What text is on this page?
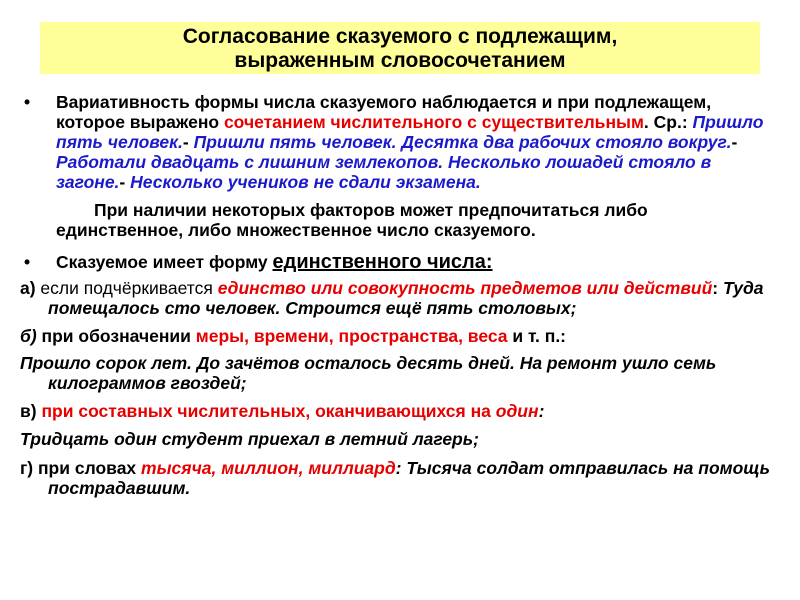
Согласование сказуемого с подлежащим,
выраженным словосочетанием

• Вариативность формы числа сказуемого наблюдается и при подлежащем, которое выражено сочетанием числительного с существительным. Ср.: Пришло пять человек.- Пришли пять человек. Десятка два рабочих стояло вокруг.- Работали двадцать с лишним землекопов. Несколько лошадей стояло в загоне.- Несколько учеников не сдали экзамена.

При наличии некоторых факторов может предпочитаться либо единственное, либо множественное число сказуемого.

• Сказуемое имеет форму единственного числа:

а) если подчёркивается единство или совокупность предметов или действий: Туда помещалось сто человек. Строится ещё пять столовых;

б) при обозначении меры, времени, пространства, веса и т. п.:

Прошло сорок лет. До зачётов осталось десять дней. На ремонт ушло семь килограммов гвоздей;

в) при составных числительных, оканчивающихся на один:

Тридцать один студент приехал в летний лагерь;

г) при словах тысяча, миллион, миллиард: Тысяча солдат отправилась на помощь пострадавшим.
